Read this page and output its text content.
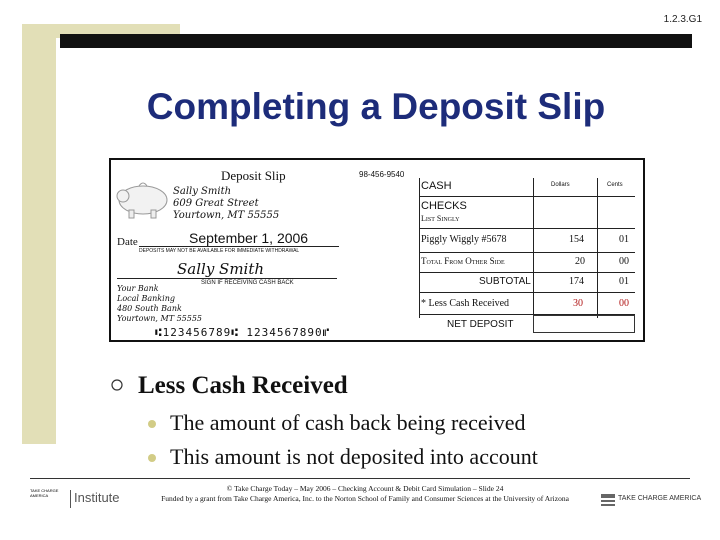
1.2.3.G1
Completing a Deposit Slip
Deposit Slip	98-456-9540
Sally Smith
609 Great Street
Yourtown, MT 55555
Date	September 1, 2006
DEPOSITS MAY NOT BE AVAILABLE FOR IMMEDIATE WITHDRAWAL
Sally Smith
SIGN IF RECEIVING CASH BACK
Your Bank
Local Banking
480 South Bank
Yourtown, MT 55555
⑆123456789⑆ 1234567890⑈
Dollars	Cents
CASH
CHECKS
List Singly
Piggly Wiggly #5678	154	01
Total From Other Side	20	00
SUBTOTAL	174	01
* Less Cash Received	30	00
NET DEPOSIT
Less Cash Received
The amount of cash back being received
This amount is not deposited into account
TAKE CHARGE AMERICA	Institute
© Take Charge Today – May 2006 – Checking Account & Debit Card Simulation – Slide 24
Funded by a grant from Take Charge America, Inc. to the Norton School of Family and Consumer Sciences at the University of Arizona	TAKE CHARGE AMERICA
